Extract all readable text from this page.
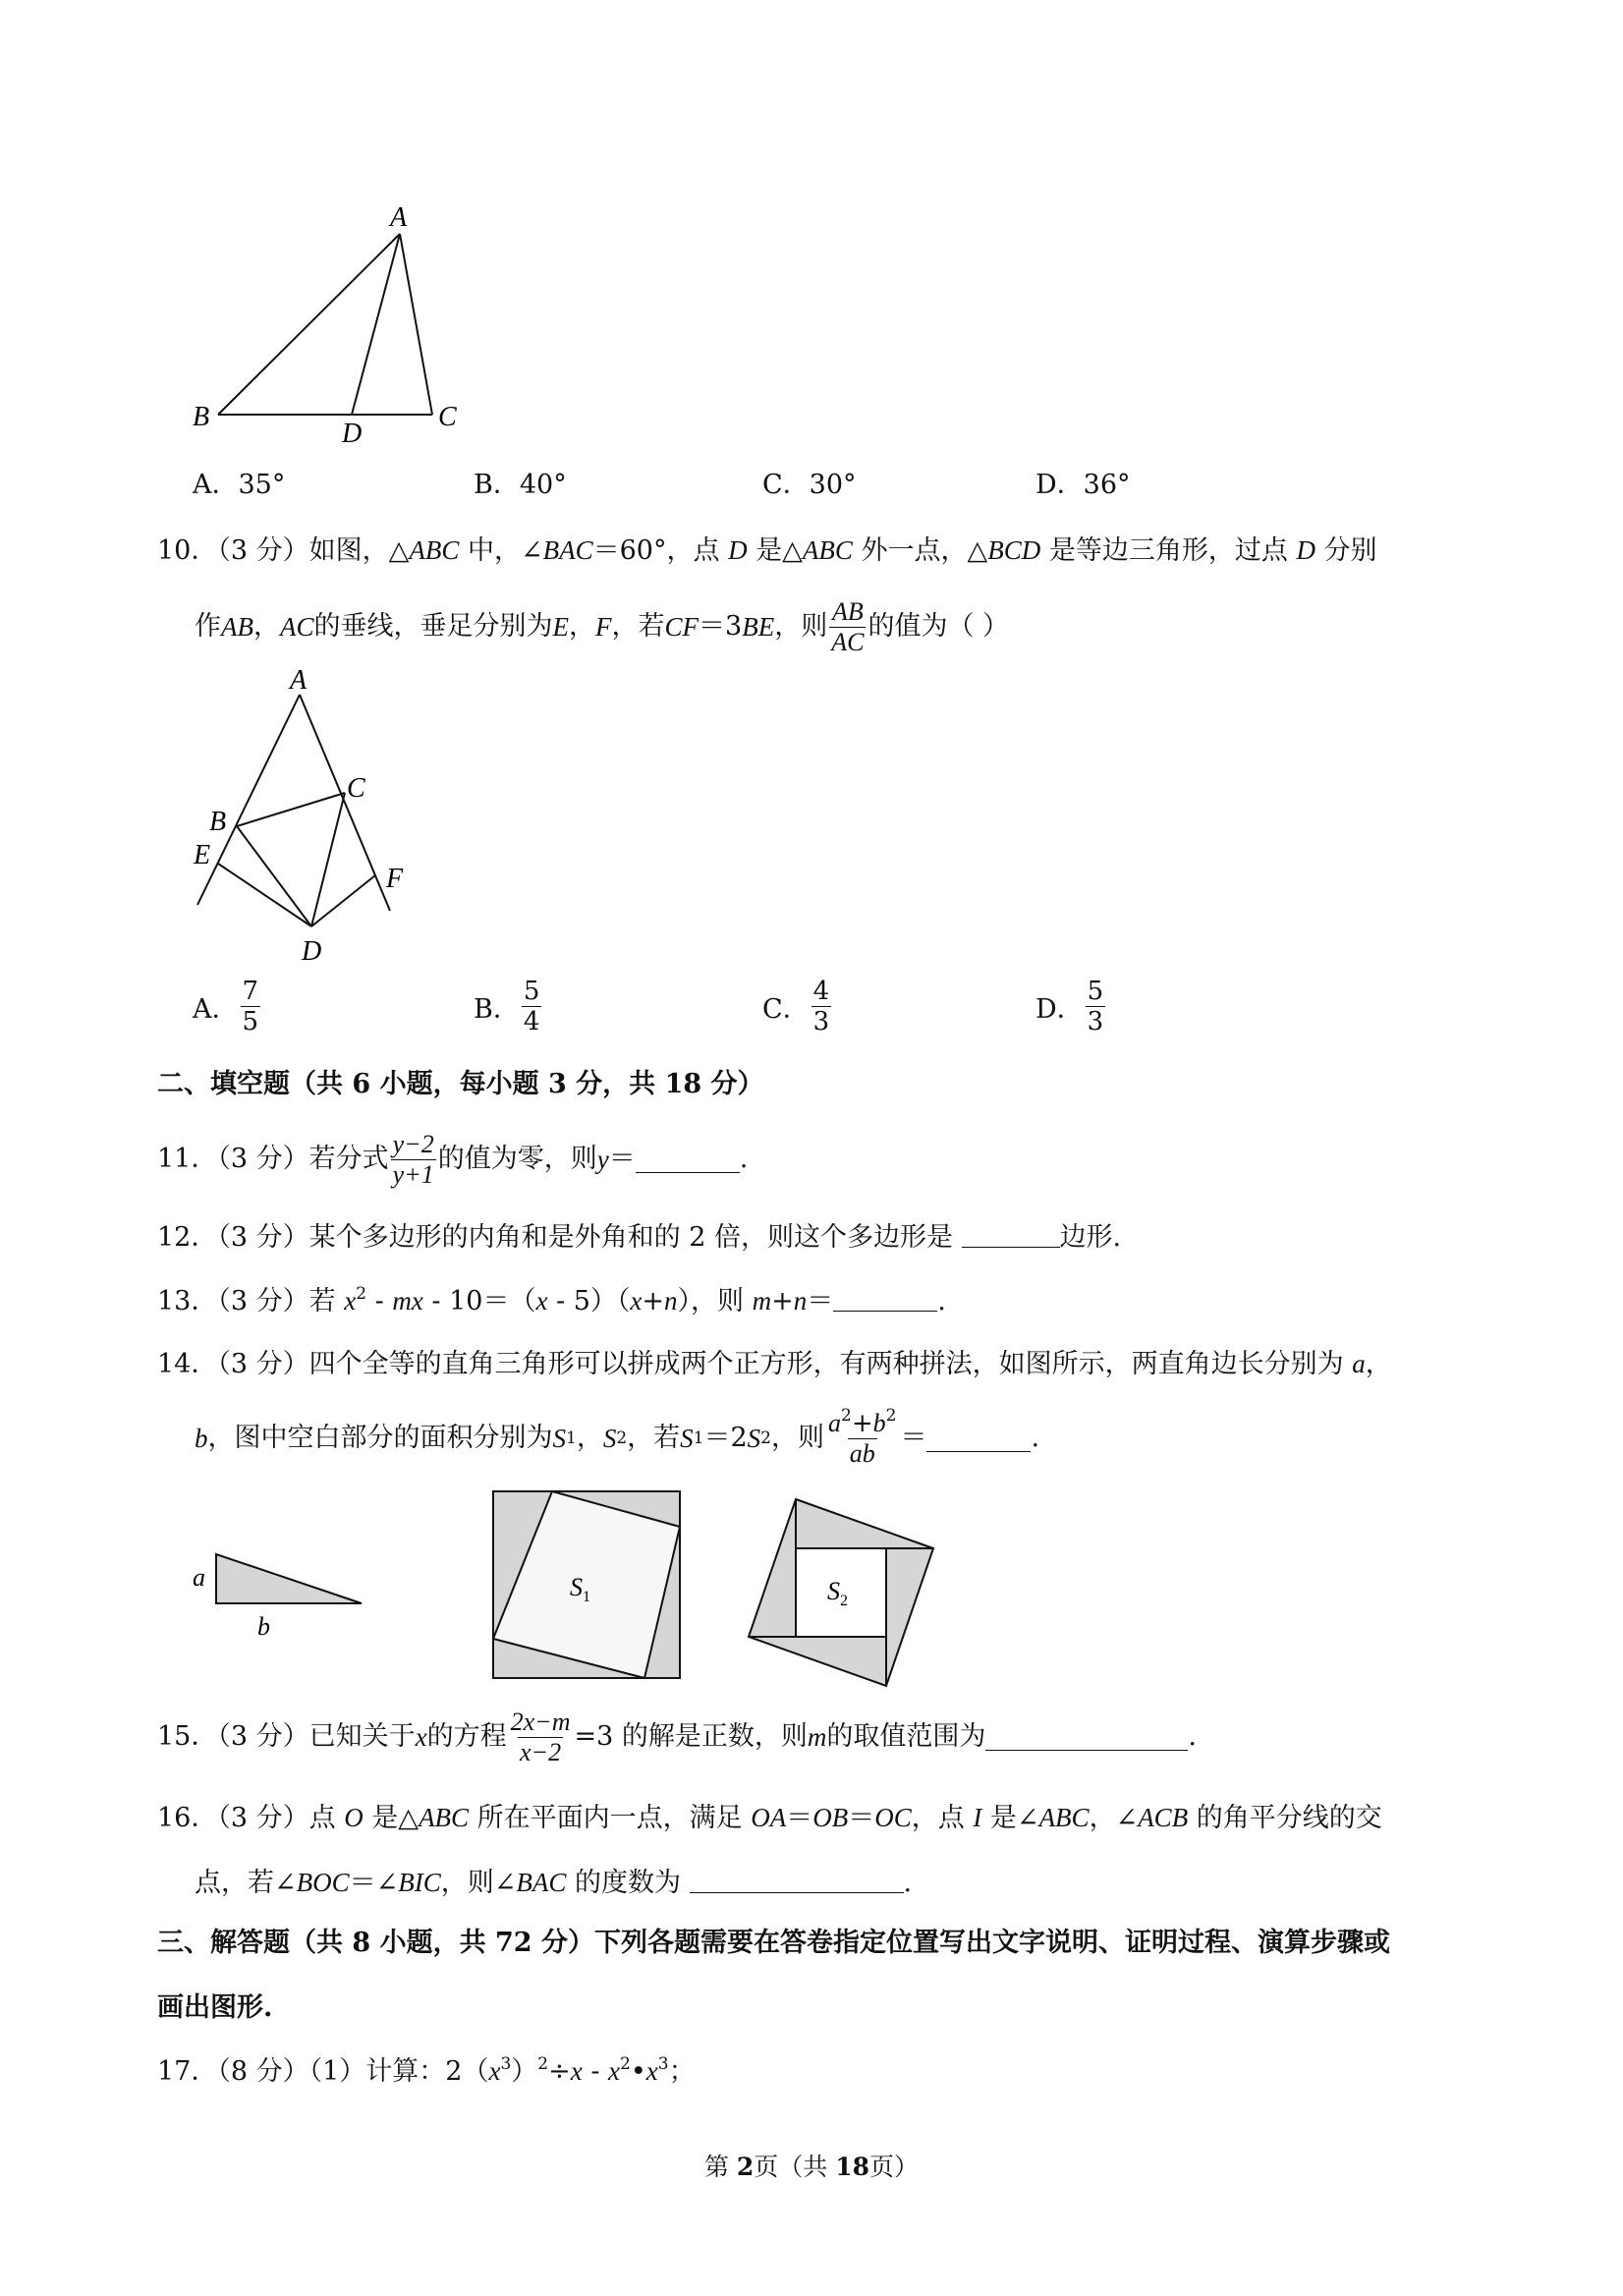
A
B	C
D
A．35°	B．40°	C．30°	D．36°
10．（3 分）如图，△ABC 中，∠BAC＝60°，点 D 是△ABC 外一点，△BCD 是等边三角形，过点 D 分别
作 AB ， AC 的垂线，垂足分别为 E ， F ，若 CF ＝3 BE ，则 $\frac{AB}{AC}$ 的值为（ ）
A
B
C
D
E
F
A． $\frac{7}{5}$	B． $\frac{5}{4}$	C． $\frac{4}{3}$	D． $\frac{5}{3}$
二、填空题（共 6 小题，每小题 3 分，共 18 分）
11．（3 分）若分式 $\frac{y-2}{y+1}$ 的值为零，则 y ＝	.
12．（3 分）某个多边形的内角和是外角和的 2 倍，则这个多边形是	边形.
13．（3 分）若 $x^2$ - mx - 10＝（x - 5）（x+n），则 m+n＝	.
14．（3 分）四个全等的直角三角形可以拼成两个正方形，有两种拼法，如图所示，两直角边长分别为 a，
b ，图中空白部分的面积分别为 S 1 ， S 2 ，若 S 1 ＝2 S 2 ，则 $\frac{a^2+b^2}{ab}$ ＝	.
a
b
$S_1$	$S_2$
15．（3 分）已知关于 x 的方程 $\frac{2x-m}{x-2} =3$ 的解是正数，则 m 的取值范围为	.
16．（3 分）点 O 是△ABC 所在平面内一点，满足 OA＝OB＝OC，点 I 是∠ABC，∠ACB 的角平分线的交
点，若∠BOC＝∠BIC，则∠BAC 的度数为	.
三、解答题（共 8 小题，共 72 分）下列各题需要在答卷指定位置写出文字说明、证明过程、演算步骤或
画出图形.
17．（8 分）（1）计算：$2(x^3)^2\div x$ - $x^2•x^3$；
第 2页（共 18页）
